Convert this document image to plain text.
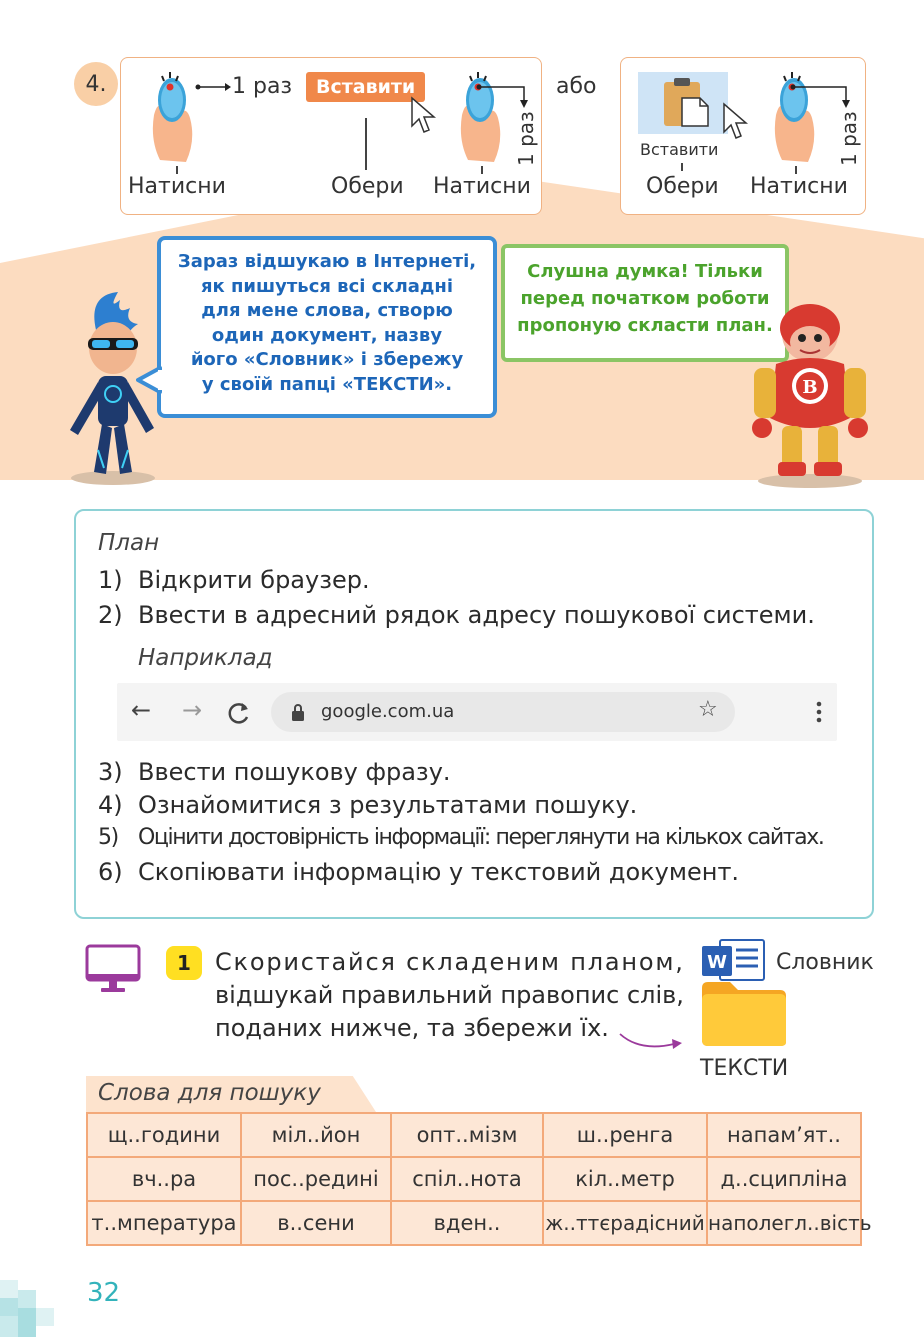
4.	1 раз	Вставити
1 раз
Натисни	Обери Натисни
або
Вставити	1 раз
Обери Натисни
Зараз відшукаю в Інтернеті,
як пишуться всі складні
для мене слова, створю
один документ, назву
його «Словник» і збережу
у своїй папці «ТЕКСТИ».
Слушна думка! Тільки
перед початком роботи
пропоную скласти план.
B
План
1) Відкрити браузер.
2) Ввести в адресний рядок адресу пошукової системи.
Наприклад
← →	google.com.ua	☆
3) Ввести пошукову фразу.
4) Ознайомитися з результатами пошуку.
5) Оцінити достовірність інформації: переглянути на кількох сайтах.
6) Скопіювати інформацію у текстовий документ.
1	Скористайся складеним планом,
відшукай правильний правопис слів,
поданих нижче, та збережи їх.
W Словник
ТЕКСТИ
Слова для пошуку
щ..години	міл..йон	опт..мізм	ш..ренга	напам’ят..
вч..ра	пос..редині	спіл..нота	кіл..метр	д..сципліна
т..мпература	в..сени	вден..	ж..ттєрадісний	наполегл..вість
32
